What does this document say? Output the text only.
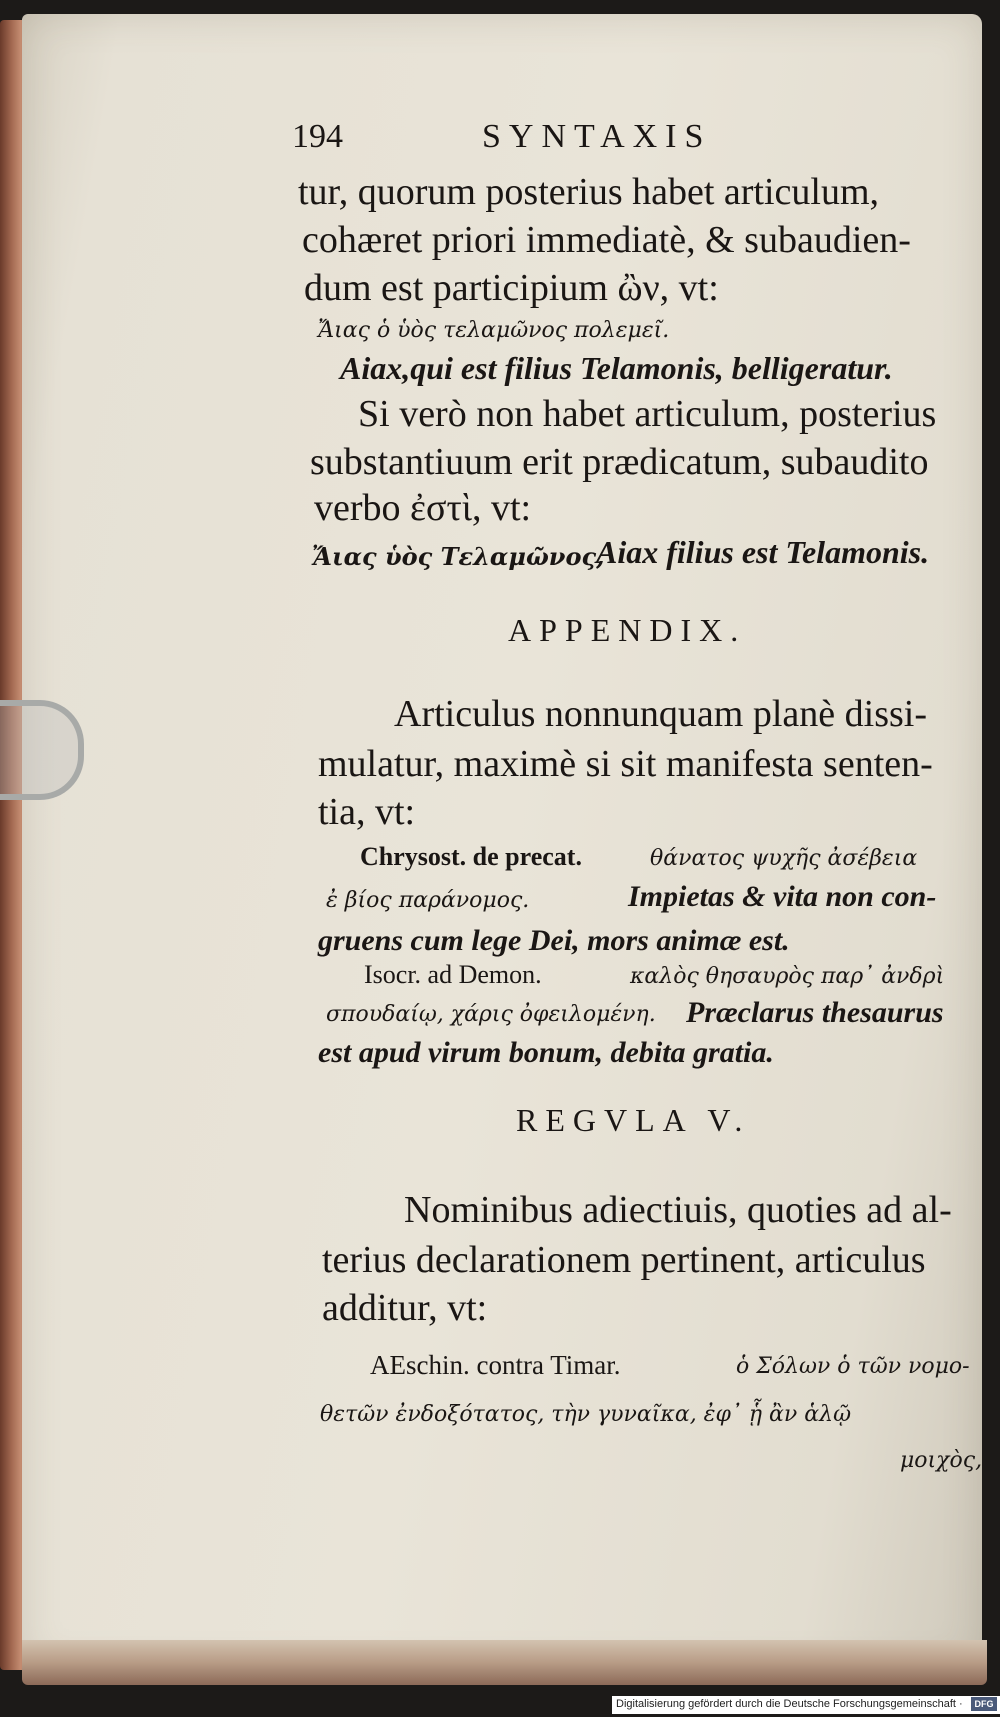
194	SYNTAXIS
tur, quorum posterius habet articulum,
cohæret priori immediatè, & subaudien-
dum est participium ὢν, vt:
Ἄιας ὁ ὑὸς τελαμῶνος πολεμεῖ.
Aiax,qui est filius Telamonis, belligeratur.
Si verò non habet articulum, posterius
substantiuum erit prædicatum, subaudito
verbo ἐστὶ, vt:
Ἄιας ὑὸς Τελαμῶνος,
Aiax filius est Telamonis.
APPENDIX.
Articulus nonnunquam planè dissi-
mulatur, maximè si sit manifesta senten-
tia, vt:
Chrysost. de precat.	θάνατος ψυχῆς ἀσέβεια
ἐ βίος παράνομος.	Impietas & vita non con-
gruens cum lege Dei, mors animæ est.
Isocr. ad Demon.	καλὸς θησαυρὸς παρ᾽ ἀνδρὶ
σπουδαίῳ, χάρις ὀφειλομένη. Præclarus thesaurus
est apud virum bonum, debita gratia.
REGVLA V.
Nominibus adiectiuis, quoties ad al-
terius declarationem pertinent, articulus
additur, vt:
AEschin. contra Timar.	ὁ Σόλων ὁ τῶν νομο-
θετῶν ἐνδοξότατος, τὴν γυναῖκα, ἐφ᾽ ᾗ ἂν ἁλῷ
μοιχὸς,
Digitalisierung gefördert durch die Deutsche Forschungsgemeinschaft ·	DFG
